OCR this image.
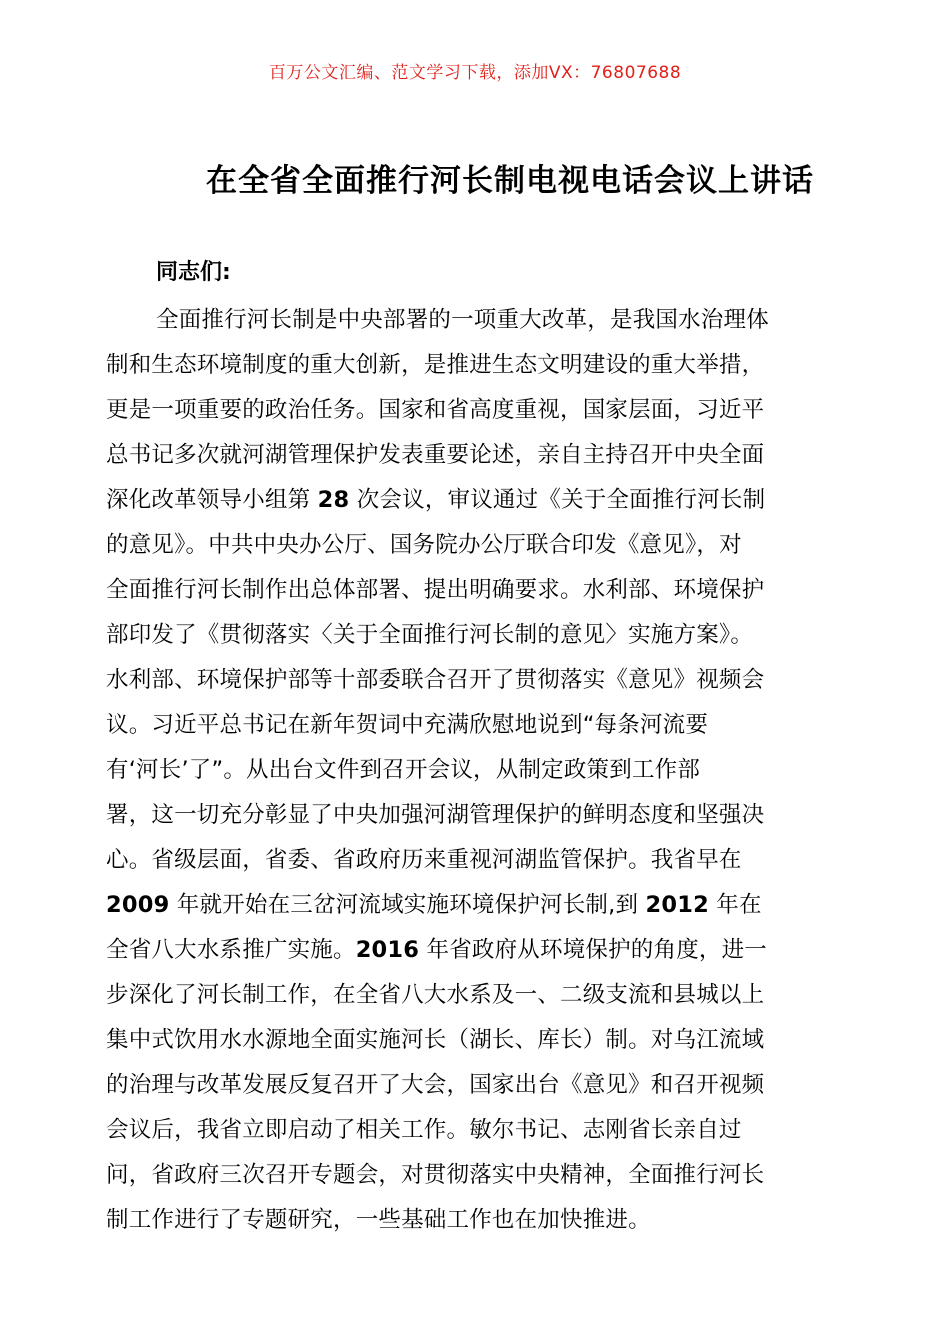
百万公文汇编、范文学习下载，添加VX：76807688
在全省全面推行河长制电视电话会议上讲话
同志们:
全面推行河长制是中央部署的一项重大改革，是我国水治理体
制和生态环境制度的重大创新，是推进生态文明建设的重大举措，
更是一项重要的政治任务。国家和省高度重视，国家层面，习近平
总书记多次就河湖管理保护发表重要论述，亲自主持召开中央全面
深化改革领导小组第 28 次会议，审议通过《关于全面推行河长制
的意见》。中共中央办公厅、国务院办公厅联合印发《意见》，对
全面推行河长制作出总体部署、提出明确要求。水利部、环境保护
部印发了《贯彻落实〈关于全面推行河长制的意见〉实施方案》。
水利部、环境保护部等十部委联合召开了贯彻落实《意见》视频会
议。习近平总书记在新年贺词中充满欣慰地说到“每条河流要
有‘河长’了”。从出台文件到召开会议，从制定政策到工作部
署，这一切充分彰显了中央加强河湖管理保护的鲜明态度和坚强决
心。省级层面，省委、省政府历来重视河湖监管保护。我省早在
2009 年就开始在三岔河流域实施环境保护河长制,到 2012 年在
全省八大水系推广实施。2016 年省政府从环境保护的角度，进一
步深化了河长制工作，在全省八大水系及一、二级支流和县城以上
集中式饮用水水源地全面实施河长（湖长、库长）制。对乌江流域
的治理与改革发展反复召开了大会，国家出台《意见》和召开视频
会议后，我省立即启动了相关工作。敏尔书记、志刚省长亲自过
问，省政府三次召开专题会，对贯彻落实中央精神，全面推行河长
制工作进行了专题研究，一些基础工作也在加快推进。
